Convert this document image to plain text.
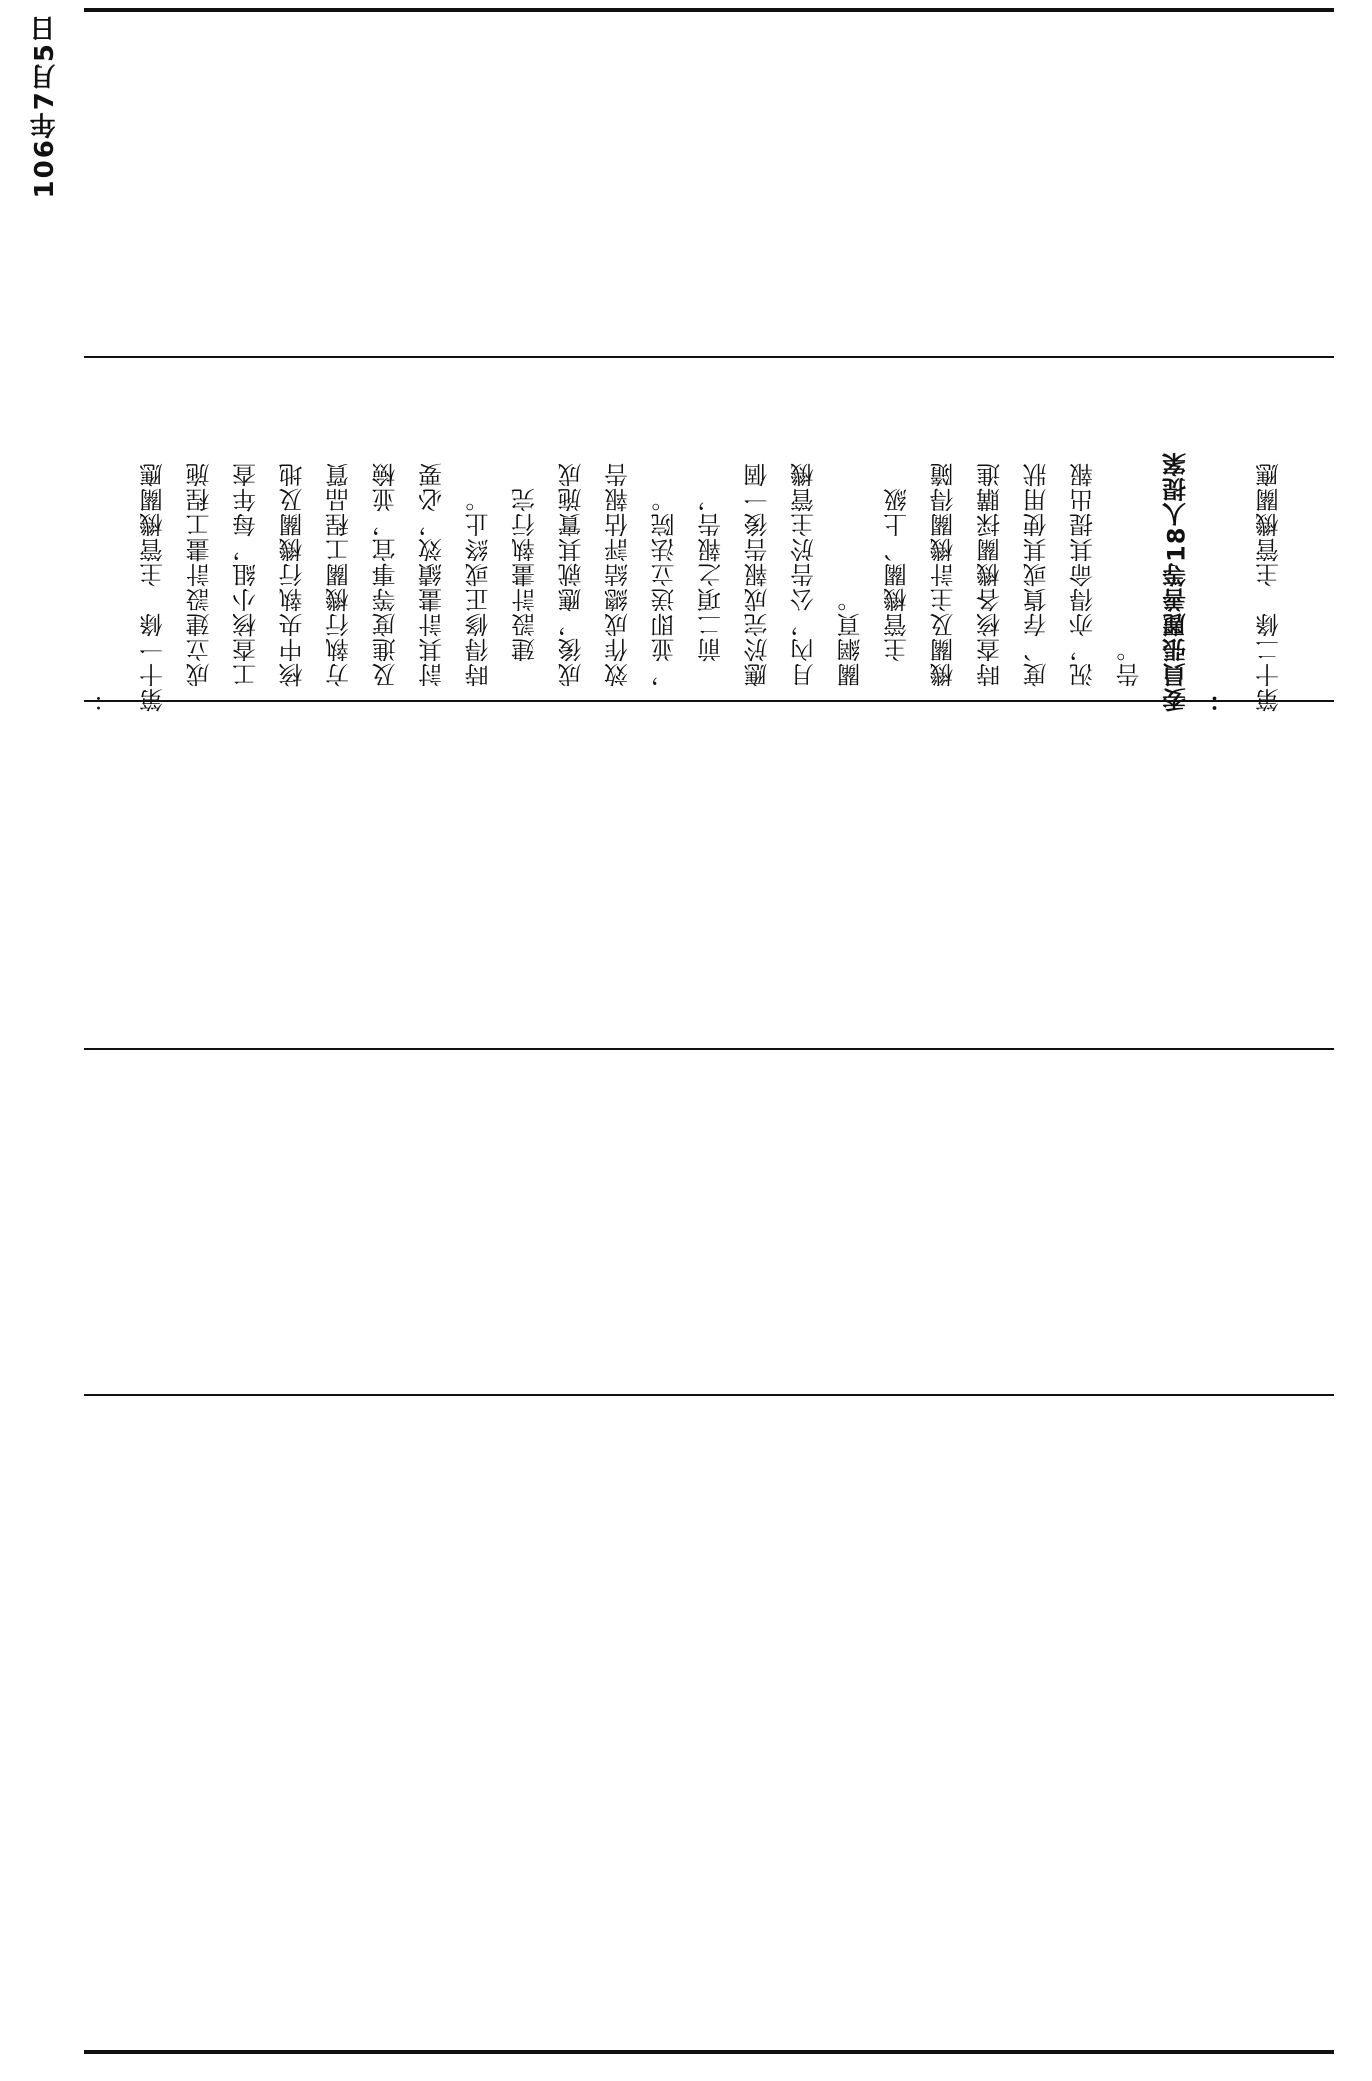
106年7月5日
： 第十一條　主管機關應 　成立建設計畫工程施 　工查核小組，每年查 　核中央執行機關及地 　方執行機關工程品質 　及進度等事宜，並檢 　討其計畫績效，必要 　時得修正或終止。 　　建設計畫執行完 　成後，應就其實施成 　效作成總結評估報告 　，並即送立法院。 　　前二項之報告， 　應於完成報告後一個 　月內，公告於主管機 　關網頁。 　　主管機關、上級 　機關及主計機關得隨 　時查核各機關採購進 　度、存貨或其使用狀 　況，亦得命其提出報 　告。 委員張麗善等18人提案 ： 第十二條　主管機關應
